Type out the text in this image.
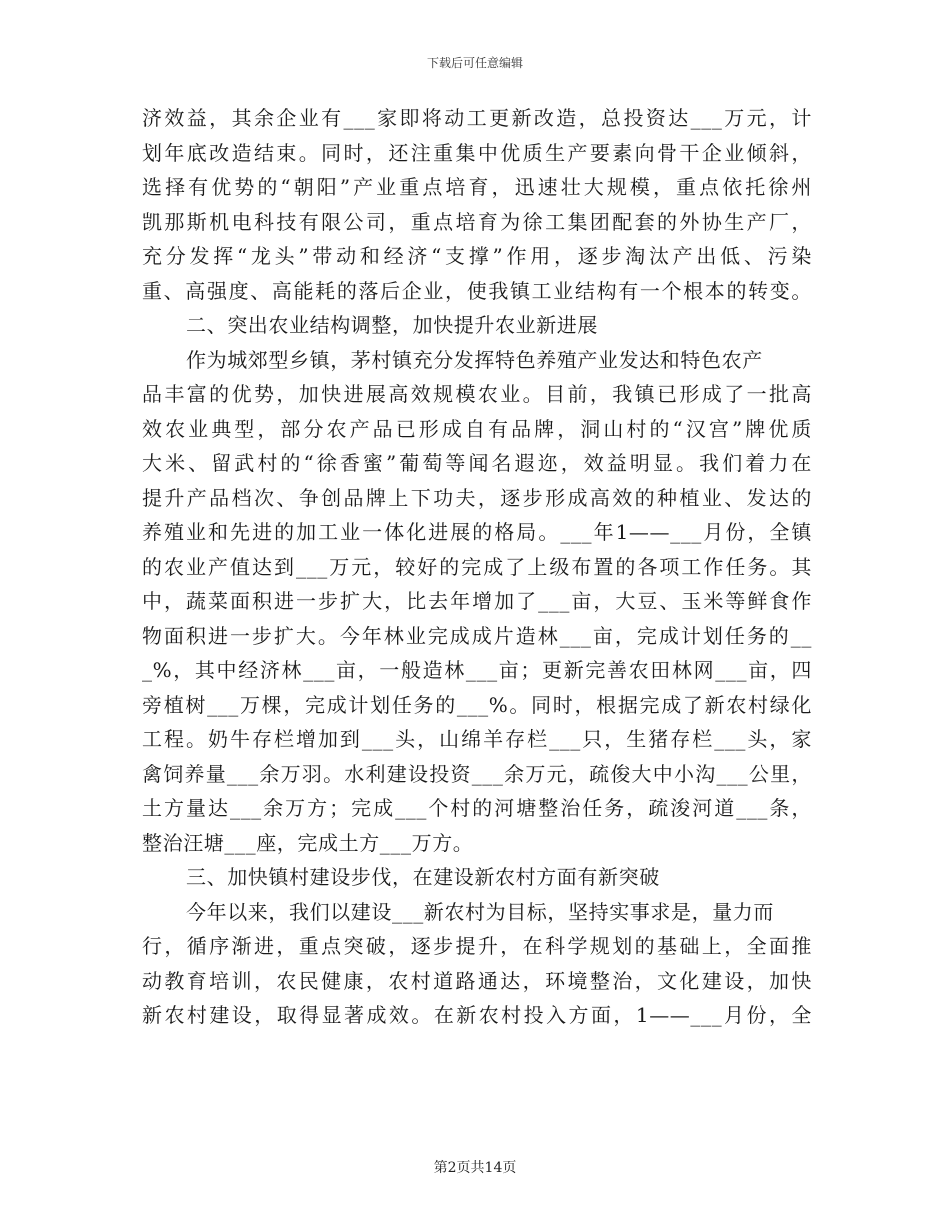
下载后可任意编辑
济效益，其余企业有___家即将动工更新改造，总投资达___万元，计
划年底改造结束。同时，还注重集中优质生产要素向骨干企业倾斜，
选择有优势的“朝阳”产业重点培育，迅速壮大规模，重点依托徐州
凯那斯机电科技有限公司，重点培育为徐工集团配套的外协生产厂，
充分发挥“龙头”带动和经济“支撑”作用，逐步淘汰产出低、污染
重、高强度、高能耗的落后企业，使我镇工业结构有一个根本的转变。
二、突出农业结构调整，加快提升农业新进展
作为城郊型乡镇，茅村镇充分发挥特色养殖产业发达和特色农产
品丰富的优势，加快进展高效规模农业。目前，我镇已形成了一批高
效农业典型，部分农产品已形成自有品牌，洞山村的“汉宫”牌优质
大米、留武村的“徐香蜜”葡萄等闻名遐迩，效益明显。我们着力在
提升产品档次、争创品牌上下功夫，逐步形成高效的种植业、发达的
养殖业和先进的加工业一体化进展的格局。___年1——___月份，全镇
的农业产值达到___万元，较好的完成了上级布置的各项工作任务。其
中，蔬菜面积进一步扩大，比去年增加了___亩，大豆、玉米等鲜食作
物面积进一步扩大。今年林业完成成片造林___亩，完成计划任务的__
_%，其中经济林___亩，一般造林___亩；更新完善农田林网___亩，四
旁植树___万棵，完成计划任务的___%。同时，根据完成了新农村绿化
工程。奶牛存栏增加到___头，山绵羊存栏___只，生猪存栏___头，家
禽饲养量___余万羽。水利建设投资___余万元，疏俊大中小沟___公里，
土方量达___余万方；完成___个村的河塘整治任务，疏浚河道___条，
整治汪塘___座，完成土方___万方。
三、加快镇村建设步伐，在建设新农村方面有新突破
今年以来，我们以建设___新农村为目标，坚持实事求是，量力而
行，循序渐进，重点突破，逐步提升，在科学规划的基础上，全面推
动教育培训，农民健康，农村道路通达，环境整治，文化建设，加快
新农村建设，取得显著成效。在新农村投入方面，1——___月份，全
第2页共14页
